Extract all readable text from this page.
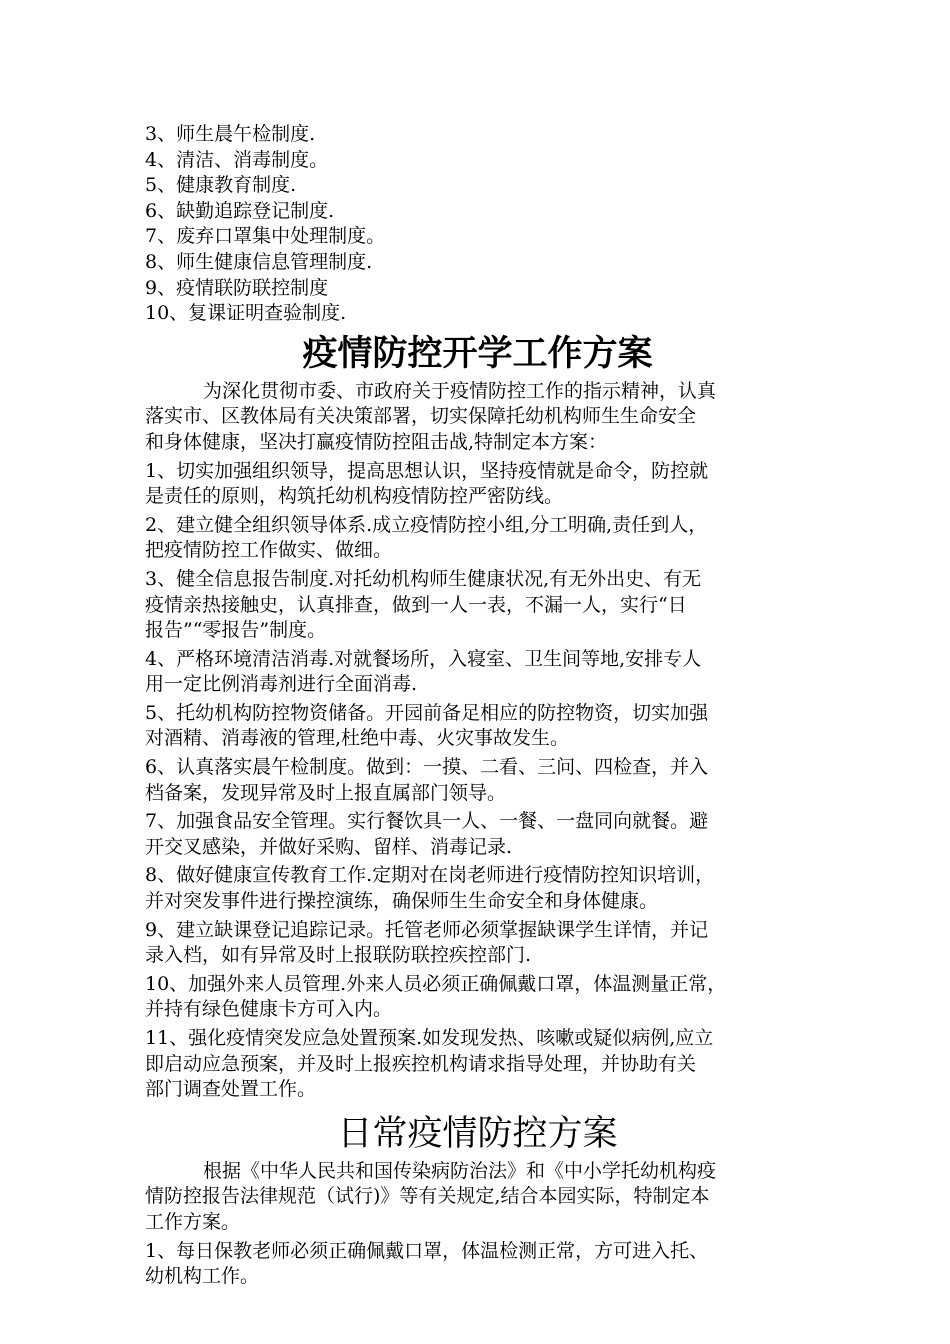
3、师生晨午检制度.
4、清洁、消毒制度。
5、健康教育制度.
6、缺勤追踪登记制度.
7、废弃口罩集中处理制度。
8、师生健康信息管理制度.
9、疫情联防联控制度
10、复课证明查验制度.
疫情防控开学工作方案
为深化贯彻市委、市政府关于疫情防控工作的指示精神，认真
落实市、区教体局有关决策部署，切实保障托幼机构师生生命安全
和身体健康，坚决打赢疫情防控阻击战,特制定本方案：
1、切实加强组织领导，提高思想认识，坚持疫情就是命令，防控就
是责任的原则，构筑托幼机构疫情防控严密防线。
2、建立健全组织领导体系.成立疫情防控小组,分工明确,责任到人，
把疫情防控工作做实、做细。
3、健全信息报告制度.对托幼机构师生健康状况,有无外出史、有无
疫情亲热接触史，认真排查，做到一人一表，不漏一人，实行“日
报告”“零报告”制度。
4、严格环境清洁消毒.对就餐场所，入寝室、卫生间等地,安排专人
用一定比例消毒剂进行全面消毒.
5、托幼机构防控物资储备。开园前备足相应的防控物资，切实加强
对酒精、消毒液的管理,杜绝中毒、火灾事故发生。
6、认真落实晨午检制度。做到：一摸、二看、三问、四检查，并入
档备案，发现异常及时上报直属部门领导。
7、加强食品安全管理。实行餐饮具一人、一餐、一盘同向就餐。避
开交叉感染，并做好采购、留样、消毒记录.
8、做好健康宣传教育工作.定期对在岗老师进行疫情防控知识培训，
并对突发事件进行操控演练，确保师生生命安全和身体健康。
9、建立缺课登记追踪记录。托管老师必须掌握缺课学生详情，并记
录入档，如有异常及时上报联防联控疾控部门.
10、加强外来人员管理.外来人员必须正确佩戴口罩，体温测量正常，
并持有绿色健康卡方可入内。
11、强化疫情突发应急处置预案.如发现发热、咳嗽或疑似病例,应立
即启动应急预案，并及时上报疾控机构请求指导处理，并协助有关
部门调查处置工作。
日常疫情防控方案
根据《中华人民共和国传染病防治法》和《中小学托幼机构疫
情防控报告法律规范（试行)》等有关规定,结合本园实际，特制定本
工作方案。
1、每日保教老师必须正确佩戴口罩，体温检测正常，方可进入托、
幼机构工作。
